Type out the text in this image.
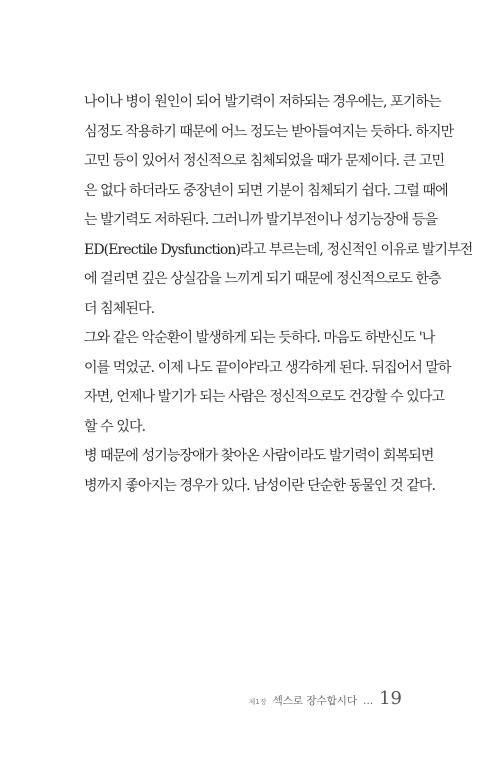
나이나 병이 원인이 되어 발기력이 저하되는 경우에는, 포기하는
심정도 작용하기 때문에 어느 정도는 받아들여지는 듯하다. 하지만
고민 등이 있어서 정신적으로 침체되었을 때가 문제이다. 큰 고민
은 없다 하더라도 중장년이 되면 기분이 침체되기 쉽다. 그럴 때에
는 발기력도 저하된다. 그러니까 발기부전이나 성기능장애 등을
ED(Erectile Dysfunction)라고 부르는데, 정신적인 이유로 발기부전
에 걸리면 깊은 상실감을 느끼게 되기 때문에 정신적으로도 한층
더 침체된다.

그와 같은 악순환이 발생하게 되는 듯하다. 마음도 하반신도 '나
이를 먹었군. 이제 나도 끝이야'라고 생각하게 된다. 뒤집어서 말하
자면, 언제나 발기가 되는 사람은 정신적으로도 건강할 수 있다고
할 수 있다.

병 때문에 성기능장애가 찾아온 사람이라도 발기력이 회복되면
병까지 좋아지는 경우가 있다. 남성이란 단순한 동물인 것 같다.

제1장 섹스로 장수합시다 … 19
